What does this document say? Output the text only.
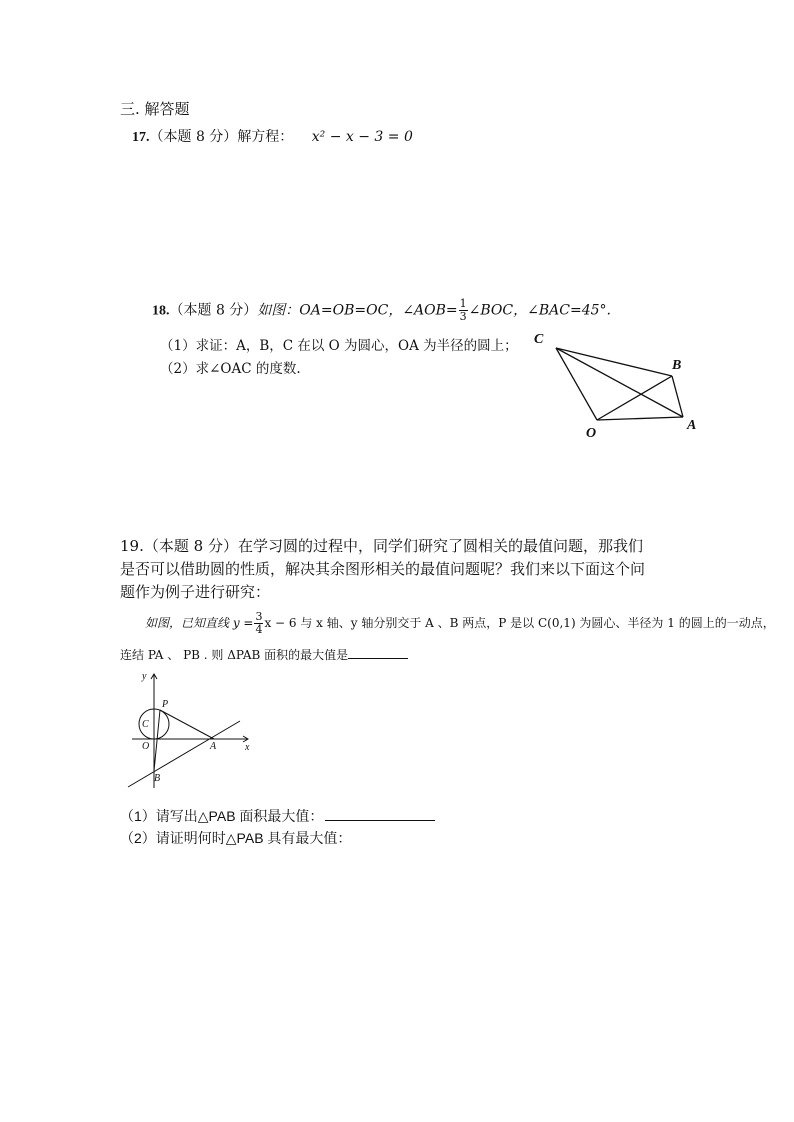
三. 解答题
17.（本题 8 分）解方程： x² − x − 3 = 0
18.（本题 8 分）如图：OA=OB=OC，∠AOB= $\frac{1}{3}$ ∠BOC，∠BAC=45°.
（1）求证：A，B，C 在以 O 为圆心，OA 为半径的圆上；
（2）求∠OAC 的度数.
C
B
O
A
19.（本题 8 分）在学习圆的过程中，同学们研究了圆相关的最值问题，那我们
是否可以借助圆的性质，解决其余图形相关的最值问题呢？我们来以下面这个问
题作为例子进行研究：
如图，已知直线 $y = \frac{3}{4}$ x − 6 与 x 轴、y 轴分别交于 A 、B 两点，P 是以 C(0,1) 为圆心、半径为 1 的圆上的一动点，
连结 PA 、 PB . 则 ΔPAB 面积的最大值是
y
x
P
C
O	A
B
（1）请写出△PAB 面积最大值：
（2）请证明何时△PAB 具有最大值：
